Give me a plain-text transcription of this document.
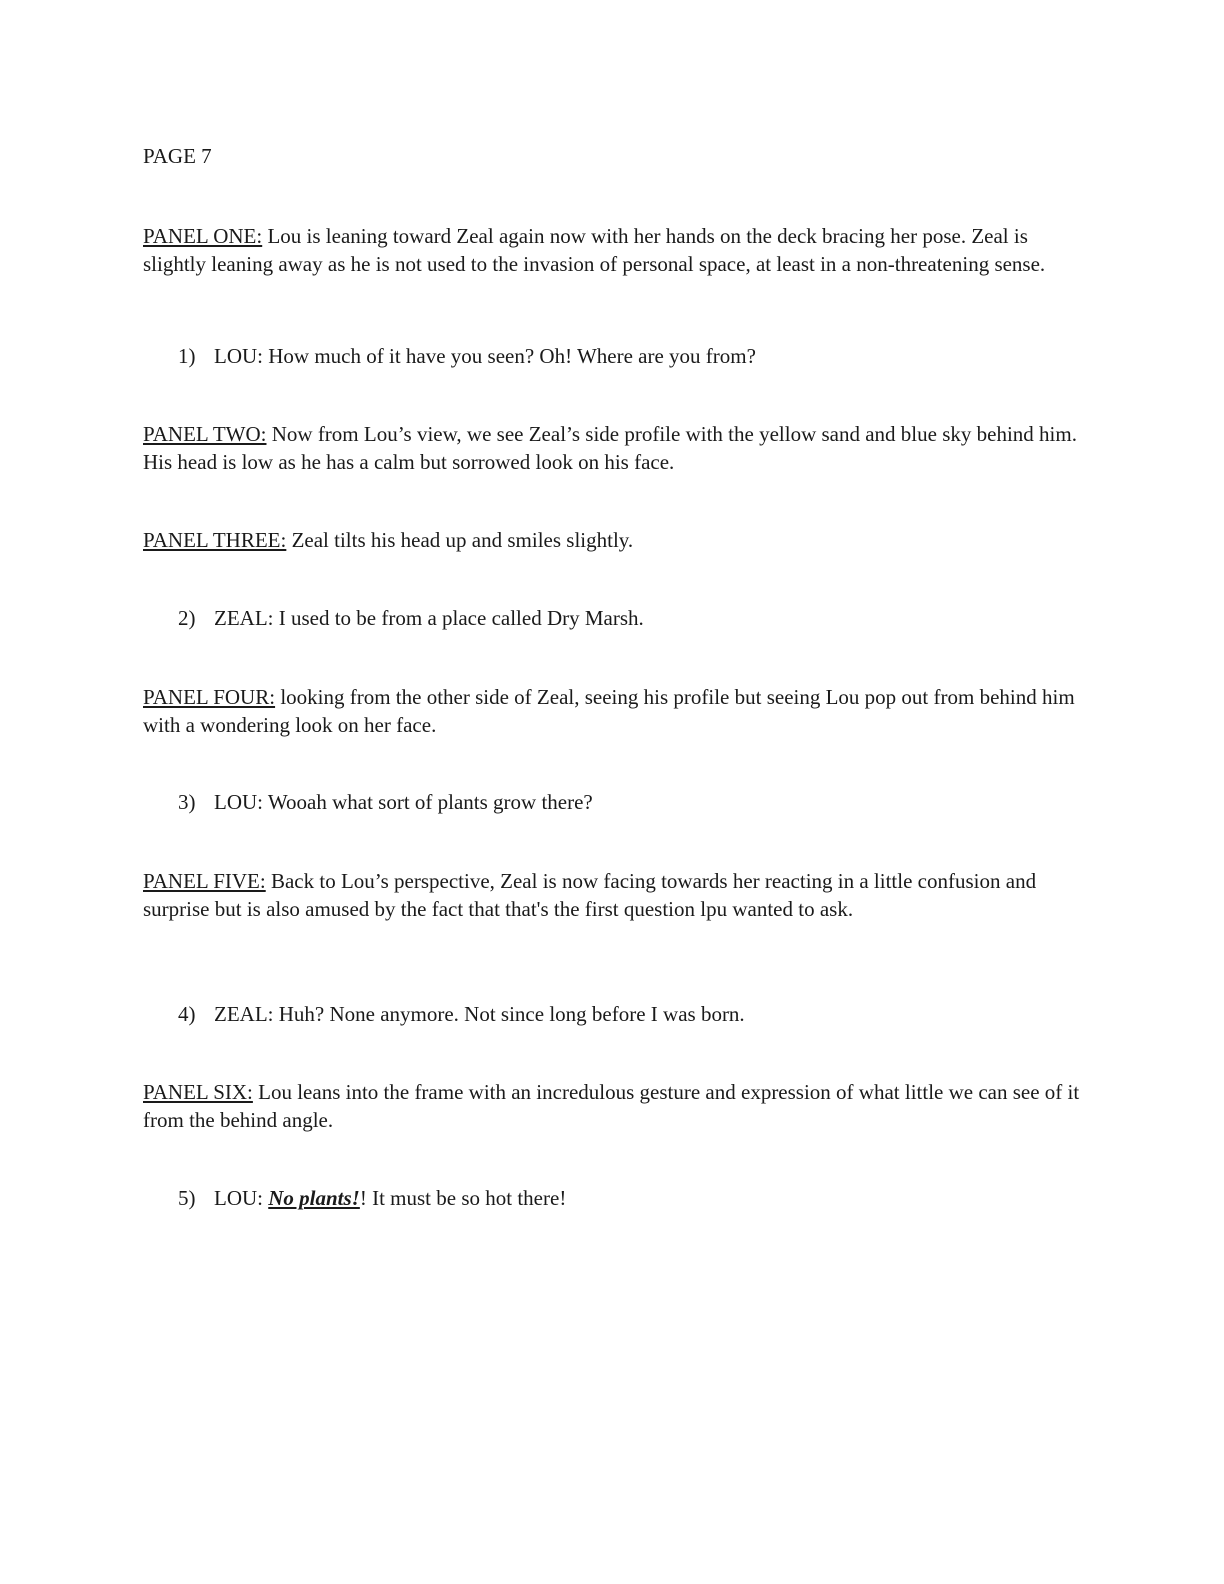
PAGE 7

PANEL ONE: Lou is leaning toward Zeal again now with her hands on the deck bracing her pose. Zeal is slightly leaning away as he is not used to the invasion of personal space, at least in a non-threatening sense.

1) LOU: How much of it have you seen? Oh! Where are you from?

PANEL TWO: Now from Lou’s view, we see Zeal’s side profile with the yellow sand and blue sky behind him. His head is low as he has a calm but sorrowed look on his face.

PANEL THREE: Zeal tilts his head up and smiles slightly.

2) ZEAL: I used to be from a place called Dry Marsh.

PANEL FOUR: looking from the other side of Zeal, seeing his profile but seeing Lou pop out from behind him with a wondering look on her face.

3) LOU: Wooah what sort of plants grow there?

PANEL FIVE: Back to Lou’s perspective, Zeal is now facing towards her reacting in a little confusion and surprise but is also amused by the fact that that's the first question lpu wanted to ask.

4) ZEAL: Huh? None anymore. Not since long before I was born.

PANEL SIX: Lou leans into the frame with an incredulous gesture and expression of what little we can see of it from the behind angle.

5) LOU: No plants!! It must be so hot there!
